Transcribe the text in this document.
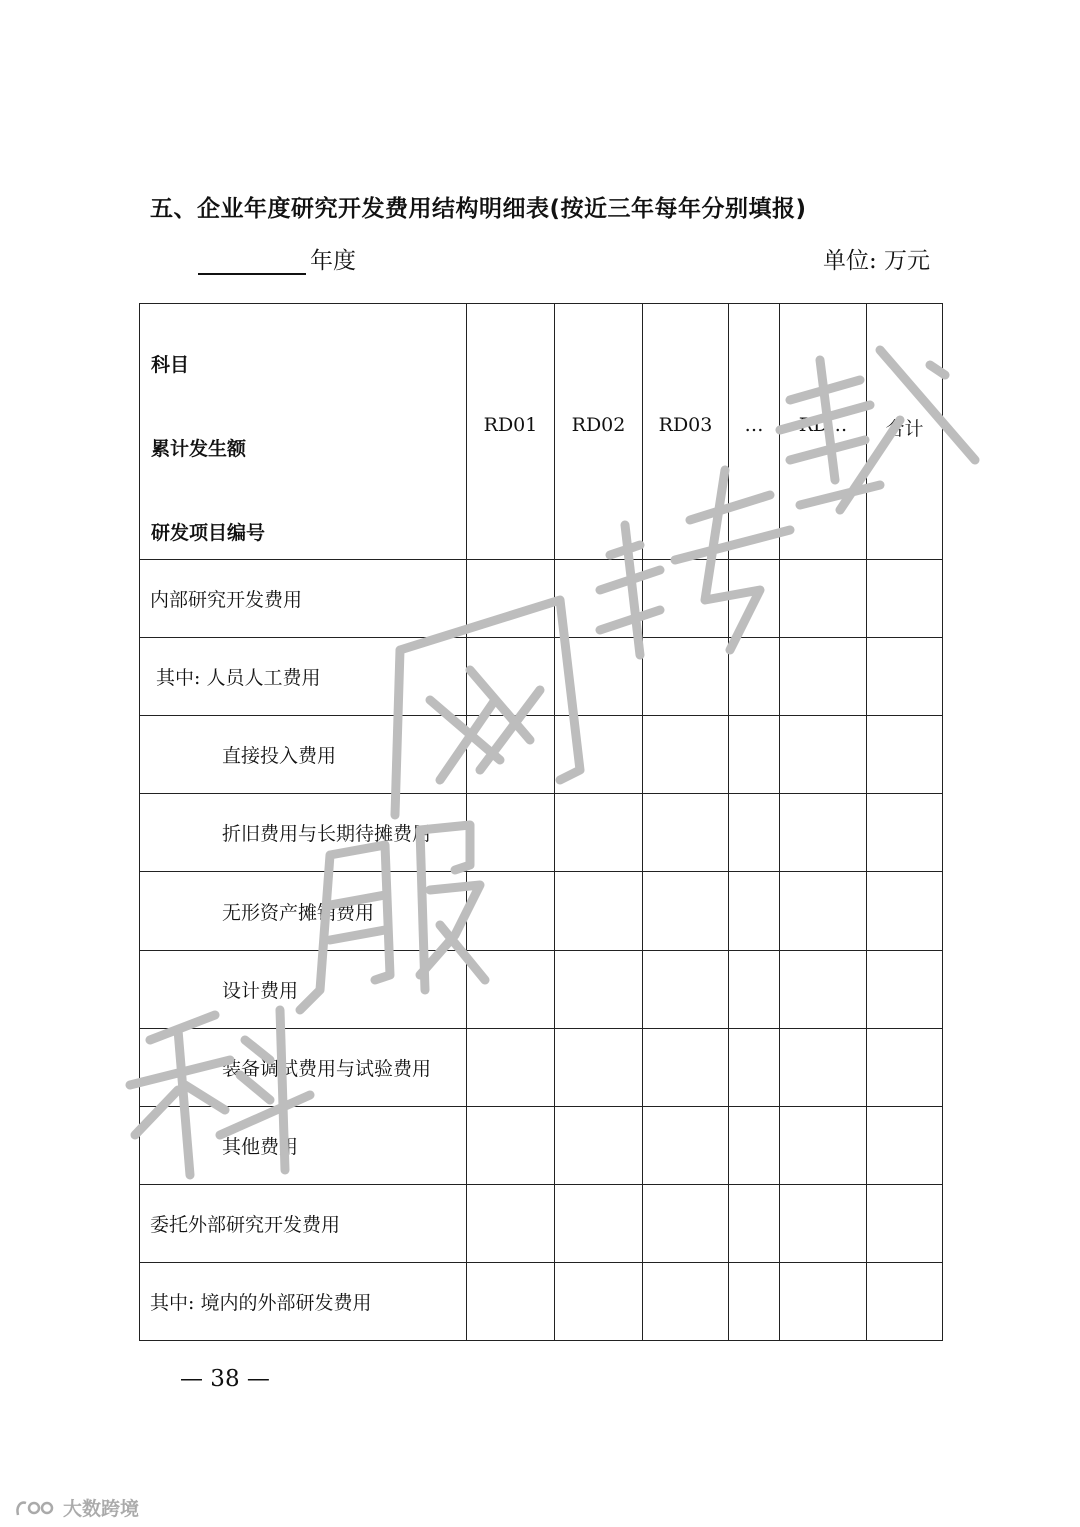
五、企业年度研究开发费用结构明细表(按近三年每年分别填报)
年度	单位: 万元
科目
累计发生额
研发项目编号	RD01	RD02	RD03	…	RD…	合计
内部研究开发费用						
其中: 人员人工费用						
直接投入费用						
折旧费用与长期待摊费用						
无形资产摊销费用						
设计费用						
装备调试费用与试验费用						
其他费用						
委托外部研究开发费用						
其中: 境内的外部研发费用						
— 38 —
大数跨境
